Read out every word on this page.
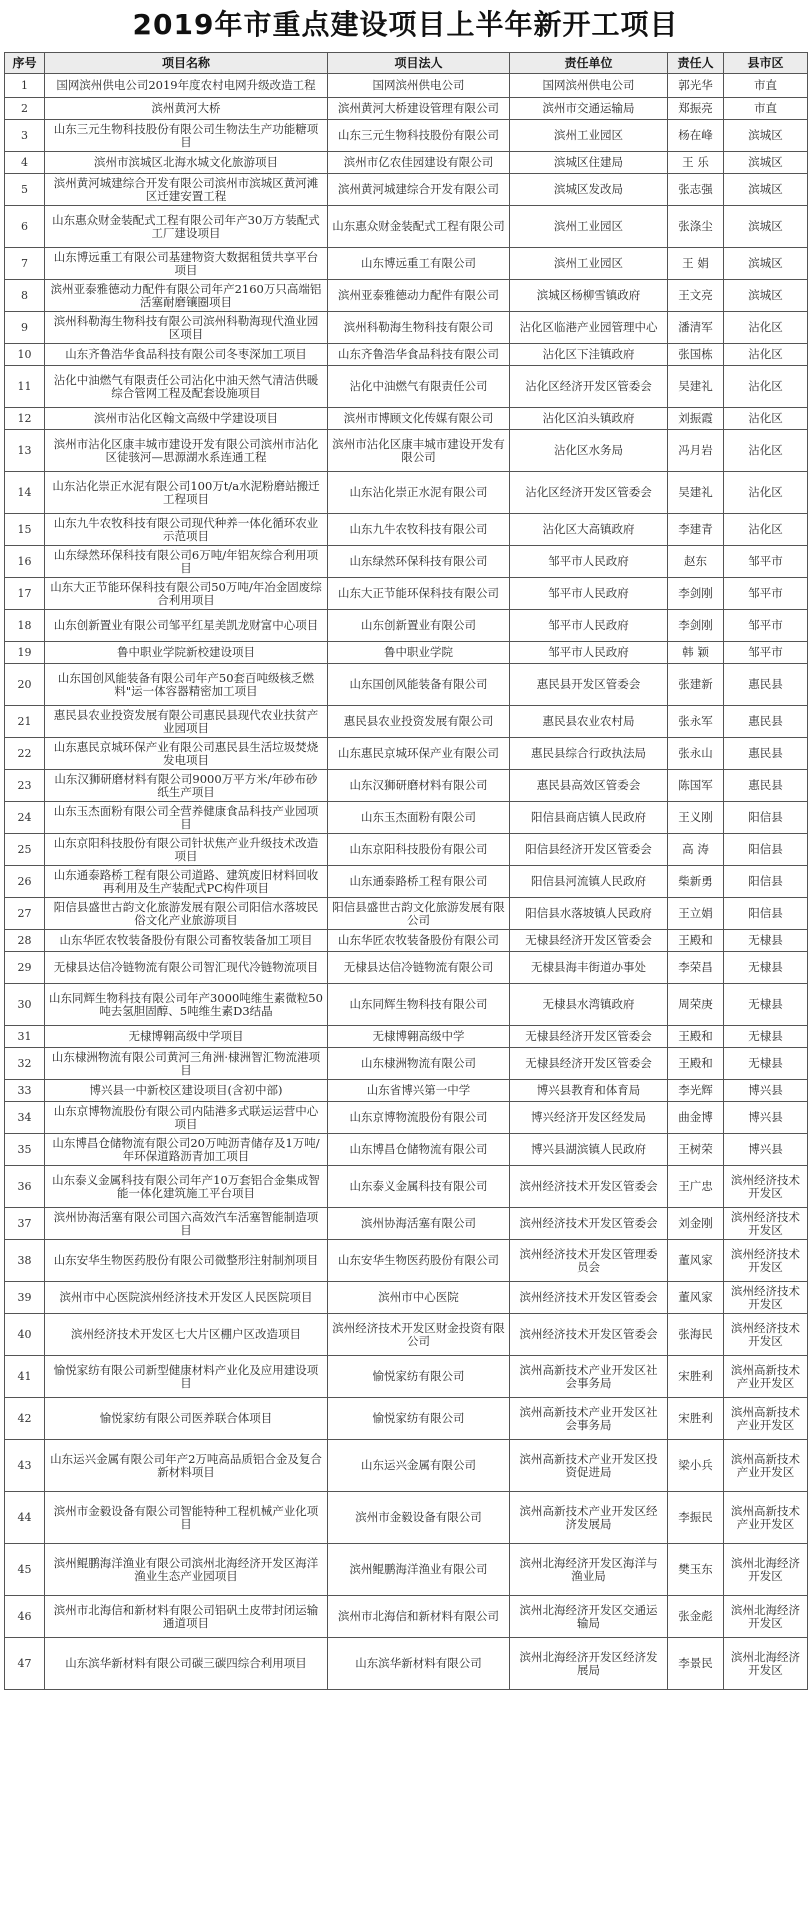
2019年市重点建设项目上半年新开工项目
序号	项目名称	项目法人	责任单位	责任人	县市区
1	国网滨州供电公司2019年度农村电网升级改造工程	国网滨州供电公司	国网滨州供电公司	郭光华	市直
2	滨州黄河大桥	滨州黄河大桥建设管理有限公司	滨州市交通运输局	郑振亮	市直
3	山东三元生物科技股份有限公司生物法生产功能糖项目	山东三元生物科技股份有限公司	滨州工业园区	杨在峰	滨城区
4	滨州市滨城区北海水城文化旅游项目	滨州市亿农佳园建设有限公司	滨城区住建局	王 乐	滨城区
5	滨州黄河城建综合开发有限公司滨州市滨城区黄河滩区迁建安置工程	滨州黄河城建综合开发有限公司	滨城区发改局	张志强	滨城区
6	山东惠众财金装配式工程有限公司年产30万方装配式工厂建设项目	山东惠众财金装配式工程有限公司	滨州工业园区	张涤尘	滨城区
7	山东博远重工有限公司基建物资大数据租赁共享平台项目	山东博远重工有限公司	滨州工业园区	王 娟	滨城区
8	滨州亚泰雅德动力配件有限公司年产2160万只高端铝活塞耐磨镶圈项目	滨州亚泰雅德动力配件有限公司	滨城区杨柳雪镇政府	王文亮	滨城区
9	滨州科勒海生物科技有限公司滨州科勒海现代渔业园区项目	滨州科勒海生物科技有限公司	沾化区临港产业园管理中心	潘清军	沾化区
10	山东齐鲁浩华食品科技有限公司冬枣深加工项目	山东齐鲁浩华食品科技有限公司	沾化区下洼镇政府	张国栋	沾化区
11	沾化中油燃气有限责任公司沾化中油天然气清洁供暖综合管网工程及配套设施项目	沾化中油燃气有限责任公司	沾化区经济开发区管委会	吴建礼	沾化区
12	滨州市沾化区翰文高级中学建设项目	滨州市博顾文化传媒有限公司	沾化区泊头镇政府	刘振霞	沾化区
13	滨州市沾化区康丰城市建设开发有限公司滨州市沾化区徒骇河—思源湖水系连通工程	滨州市沾化区康丰城市建设开发有限公司	沾化区水务局	冯月岩	沾化区
14	山东沾化崇正水泥有限公司100万t/a水泥粉磨站搬迁工程项目	山东沾化崇正水泥有限公司	沾化区经济开发区管委会	吴建礼	沾化区
15	山东九牛农牧科技有限公司现代种养一体化循环农业示范项目	山东九牛农牧科技有限公司	沾化区大高镇政府	李建青	沾化区
16	山东绿然环保科技有限公司6万吨/年铝灰综合利用项目	山东绿然环保科技有限公司	邹平市人民政府	赵东	邹平市
17	山东大正节能环保科技有限公司50万吨/年冶金固废综合利用项目	山东大正节能环保科技有限公司	邹平市人民政府	李剑刚	邹平市
18	山东创新置业有限公司邹平红星美凯龙财富中心项目	山东创新置业有限公司	邹平市人民政府	李剑刚	邹平市
19	鲁中职业学院新校建设项目	鲁中职业学院	邹平市人民政府	韩 颖	邹平市
20	山东国创风能装备有限公司年产50套百吨级核乏燃料"运一体容器精密加工项目	山东国创风能装备有限公司	惠民县开发区管委会	张建新	惠民县
21	惠民县农业投资发展有限公司惠民县现代农业扶贫产业园项目	惠民县农业投资发展有限公司	惠民县农业农村局	张永军	惠民县
22	山东惠民京城环保产业有限公司惠民县生活垃圾焚烧发电项目	山东惠民京城环保产业有限公司	惠民县综合行政执法局	张永山	惠民县
23	山东汉狮研磨材料有限公司9000万平方米/年砂布砂纸生产项目	山东汉狮研磨材料有限公司	惠民县高效区管委会	陈国军	惠民县
24	山东玉杰面粉有限公司全营养健康食品科技产业园项目	山东玉杰面粉有限公司	阳信县商店镇人民政府	王义刚	阳信县
25	山东京阳科技股份有限公司针状焦产业升级技术改造项目	山东京阳科技股份有限公司	阳信县经济开发区管委会	高 涛	阳信县
26	山东通泰路桥工程有限公司道路、建筑废旧材料回收再利用及生产装配式PC构件项目	山东通泰路桥工程有限公司	阳信县河流镇人民政府	柴新勇	阳信县
27	阳信县盛世古韵文化旅游发展有限公司阳信水落坡民俗文化产业旅游项目	阳信县盛世古韵文化旅游发展有限公司	阳信县水落坡镇人民政府	王立娟	阳信县
28	山东华匠农牧装备股份有限公司畜牧装备加工项目	山东华匠农牧装备股份有限公司	无棣县经济开发区管委会	王殿和	无棣县
29	无棣县达信冷链物流有限公司智汇现代冷链物流项目	无棣县达信冷链物流有限公司	无棣县海丰街道办事处	李荣昌	无棣县
30	山东同辉生物科技有限公司年产3000吨维生素微粒50吨去氢胆固醇、5吨维生素D3结晶	山东同辉生物科技有限公司	无棣县水湾镇政府	周荣庚	无棣县
31	无棣博翱高级中学项目	无棣博翱高级中学	无棣县经济开发区管委会	王殿和	无棣县
32	山东棣洲物流有限公司黄河三角洲·棣洲智汇物流港项目	山东棣洲物流有限公司	无棣县经济开发区管委会	王殿和	无棣县
33	博兴县一中新校区建设项目(含初中部)	山东省博兴第一中学	博兴县教育和体育局	李光辉	博兴县
34	山东京博物流股份有限公司内陆港多式联运运营中心项目	山东京博物流股份有限公司	博兴经济开发区经发局	曲金博	博兴县
35	山东博昌仓储物流有限公司20万吨沥青储存及1万吨/年环保道路沥青加工项目	山东博昌仓储物流有限公司	博兴县湖滨镇人民政府	王树荣	博兴县
36	山东泰义金属科技有限公司年产10万套铝合金集成智能一体化建筑施工平台项目	山东泰义金属科技有限公司	滨州经济技术开发区管委会	王广忠	滨州经济技术开发区
37	滨州协海活塞有限公司国六高效汽车活塞智能制造项目	滨州协海活塞有限公司	滨州经济技术开发区管委会	刘金刚	滨州经济技术开发区
38	山东安华生物医药股份有限公司微整形注射制剂项目	山东安华生物医药股份有限公司	滨州经济技术开发区管理委员会	董风家	滨州经济技术开发区
39	滨州市中心医院滨州经济技术开发区人民医院项目	滨州市中心医院	滨州经济技术开发区管委会	董风家	滨州经济技术开发区
40	滨州经济技术开发区七大片区棚户区改造项目	滨州经济技术开发区财金投资有限公司	滨州经济技术开发区管委会	张海民	滨州经济技术开发区
41	愉悦家纺有限公司新型健康材料产业化及应用建设项目	愉悦家纺有限公司	滨州高新技术产业开发区社会事务局	宋胜利	滨州高新技术产业开发区
42	愉悦家纺有限公司医养联合体项目	愉悦家纺有限公司	滨州高新技术产业开发区社会事务局	宋胜利	滨州高新技术产业开发区
43	山东运兴金属有限公司年产2万吨高品质铝合金及复合新材料项目	山东运兴金属有限公司	滨州高新技术产业开发区投资促进局	梁小兵	滨州高新技术产业开发区
44	滨州市金毅设备有限公司智能特种工程机械产业化项目	滨州市金毅设备有限公司	滨州高新技术产业开发区经济发展局	李振民	滨州高新技术产业开发区
45	滨州鲲鹏海洋渔业有限公司滨州北海经济开发区海洋渔业生态产业园项目	滨州鲲鹏海洋渔业有限公司	滨州北海经济开发区海洋与渔业局	樊玉东	滨州北海经济开发区
46	滨州市北海信和新材料有限公司铝矾土皮带封闭运输通道项目	滨州市北海信和新材料有限公司	滨州北海经济开发区交通运输局	张金彪	滨州北海经济开发区
47	山东滨华新材料有限公司碳三碳四综合利用项目	山东滨华新材料有限公司	滨州北海经济开发区经济发展局	李景民	滨州北海经济开发区
